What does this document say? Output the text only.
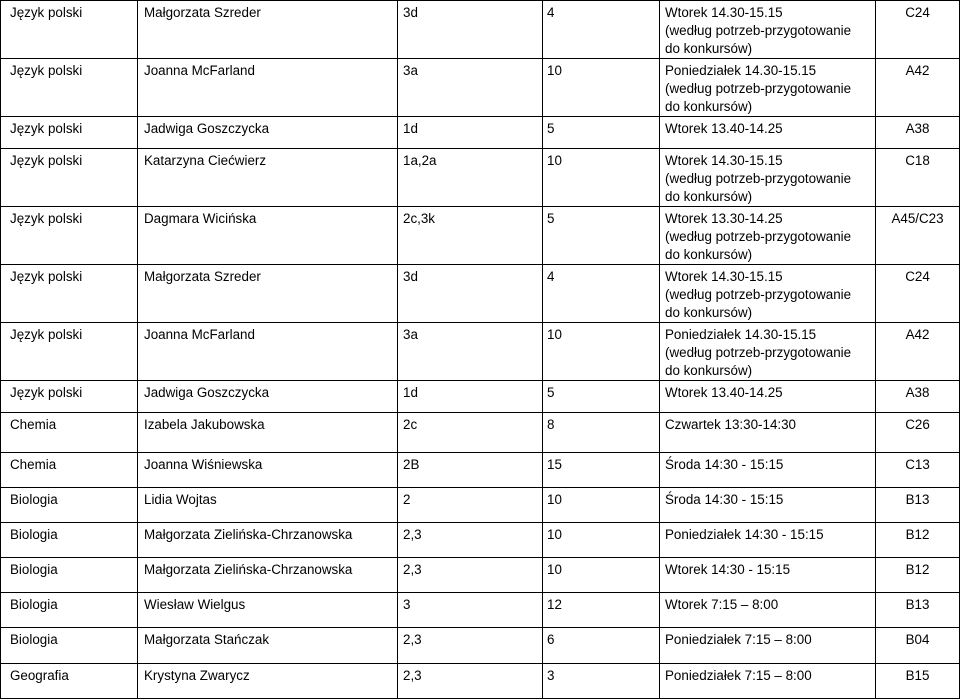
Język polski	Małgorzata Szreder	3d	4	Wtorek 14.30-15.15
(według potrzeb-przygotowanie
do konkursów)	C24
Język polski	Joanna McFarland	3a	10	Poniedziałek 14.30-15.15
(według potrzeb-przygotowanie
do konkursów)	A42
Język polski	Jadwiga Goszczycka	1d	5	Wtorek 13.40-14.25	A38
Język polski	Katarzyna Ciećwierz	1a,2a	10	Wtorek 14.30-15.15
(według potrzeb-przygotowanie
do konkursów)	C18
Język polski	Dagmara Wicińska	2c,3k	5	Wtorek 13.30-14.25
(według potrzeb-przygotowanie
do konkursów)	A45/C23
Język polski	Małgorzata Szreder	3d	4	Wtorek 14.30-15.15
(według potrzeb-przygotowanie
do konkursów)	C24
Język polski	Joanna McFarland	3a	10	Poniedziałek 14.30-15.15
(według potrzeb-przygotowanie
do konkursów)	A42
Język polski	Jadwiga Goszczycka	1d	5	Wtorek 13.40-14.25	A38
Chemia	Izabela Jakubowska	2c	8	Czwartek 13:30-14:30	C26
Chemia	Joanna Wiśniewska	2B	15	Środa 14:30 - 15:15	C13
Biologia	Lidia Wojtas	2	10	Środa 14:30 - 15:15	B13
Biologia	Małgorzata Zielińska-Chrzanowska	2,3	10	Poniedziałek 14:30 - 15:15	B12
Biologia	Małgorzata Zielińska-Chrzanowska	2,3	10	Wtorek 14:30 - 15:15	B12
Biologia	Wiesław Wielgus	3	12	Wtorek 7:15 – 8:00	B13
Biologia	Małgorzata Stańczak	2,3	6	Poniedziałek 7:15 – 8:00	B04
Geografia	Krystyna Zwarycz	2,3	3	Poniedziałek 7:15 – 8:00	B15
